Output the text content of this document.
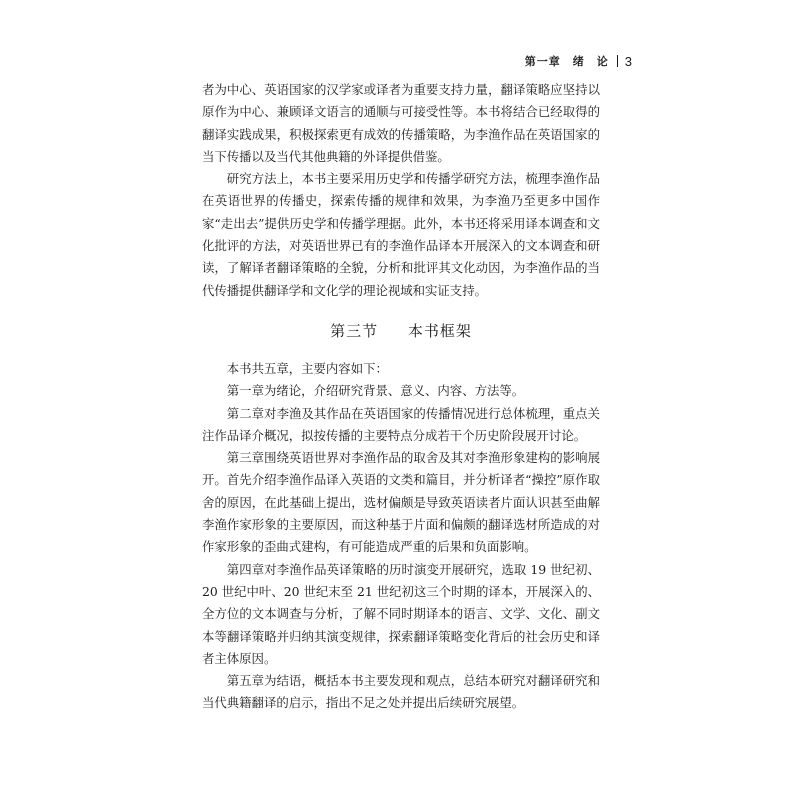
第一章　绪　论 3

者为中心、英语国家的汉学家或译者为重要支持力量，翻译策略应坚持以原作为中心、兼顾译文语言的通顺与可接受性等。本书将结合已经取得的翻译实践成果，积极探索更有成效的传播策略，为李渔作品在英语国家的当下传播以及当代其他典籍的外译提供借鉴。

研究方法上，本书主要采用历史学和传播学研究方法，梳理李渔作品在英语世界的传播史，探索传播的规律和效果，为李渔乃至更多中国作家“走出去”提供历史学和传播学理据。此外，本书还将采用译本调查和文化批评的方法，对英语世界已有的李渔作品译本开展深入的文本调查和研读，了解译者翻译策略的全貌，分析和批评其文化动因，为李渔作品的当代传播提供翻译学和文化学的理论视域和实证支持。

第三节 本书框架

本书共五章，主要内容如下：

第一章为绪论，介绍研究背景、意义、内容、方法等。

第二章对李渔及其作品在英语国家的传播情况进行总体梳理，重点关注作品译介概况，拟按传播的主要特点分成若干个历史阶段展开讨论。

第三章围绕英语世界对李渔作品的取舍及其对李渔形象建构的影响展开。首先介绍李渔作品译入英语的文类和篇目，并分析译者“操控”原作取舍的原因，在此基础上提出，选材偏颇是导致英语读者片面认识甚至曲解李渔作家形象的主要原因，而这种基于片面和偏颇的翻译选材所造成的对作家形象的歪曲式建构，有可能造成严重的后果和负面影响。

第四章对李渔作品英译策略的历时演变开展研究，选取 19 世纪初、20 世纪中叶、20 世纪末至 21 世纪初这三个时期的译本，开展深入的、全方位的文本调查与分析，了解不同时期译本的语言、文学、文化、副文本等翻译策略并归纳其演变规律，探索翻译策略变化背后的社会历史和译者主体原因。

第五章为结语，概括本书主要发现和观点，总结本研究对翻译研究和当代典籍翻译的启示，指出不足之处并提出后续研究展望。
